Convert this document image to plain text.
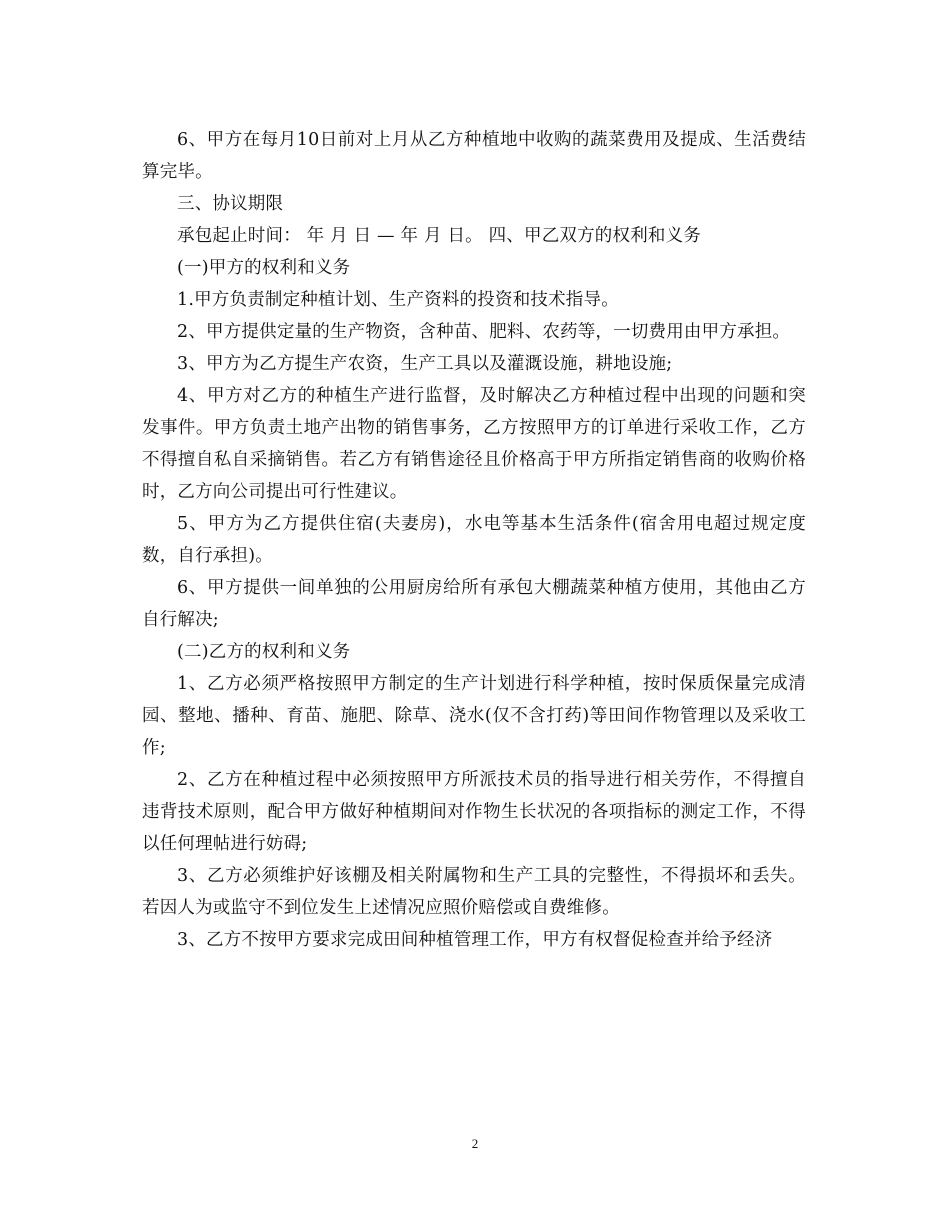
6、甲方在每月10日前对上月从乙方种植地中收购的蔬菜费用及提成、生活费结算完毕。

三、协议期限

承包起止时间： 年 月 日 — 年 月 日。 四、甲乙双方的权利和义务

(一)甲方的权利和义务

1.甲方负责制定种植计划、生产资料的投资和技术指导。

2、甲方提供定量的生产物资，含种苗、肥料、农药等，一切费用由甲方承担。

3、甲方为乙方提生产农资，生产工具以及灌溉设施，耕地设施;

4、甲方对乙方的种植生产进行监督，及时解决乙方种植过程中出现的问题和突发事件。甲方负责土地产出物的销售事务，乙方按照甲方的订单进行采收工作，乙方不得擅自私自采摘销售。若乙方有销售途径且价格高于甲方所指定销售商的收购价格时，乙方向公司提出可行性建议。

5、甲方为乙方提供住宿(夫妻房)，水电等基本生活条件(宿舍用电超过规定度数，自行承担)。

6、甲方提供一间单独的公用厨房给所有承包大棚蔬菜种植方使用，其他由乙方自行解决;

(二)乙方的权利和义务

1、乙方必须严格按照甲方制定的生产计划进行科学种植，按时保质保量完成清园、整地、播种、育苗、施肥、除草、浇水(仅不含打药)等田间作物管理以及采收工作;

2、乙方在种植过程中必须按照甲方所派技术员的指导进行相关劳作，不得擅自违背技术原则，配合甲方做好种植期间对作物生长状况的各项指标的测定工作，不得以任何理帖进行妨碍;

3、乙方必须维护好该棚及相关附属物和生产工具的完整性，不得损坏和丢失。若因人为或监守不到位发生上述情况应照价赔偿或自费维修。

3、乙方不按甲方要求完成田间种植管理工作，甲方有权督促检查并给予经济

2
